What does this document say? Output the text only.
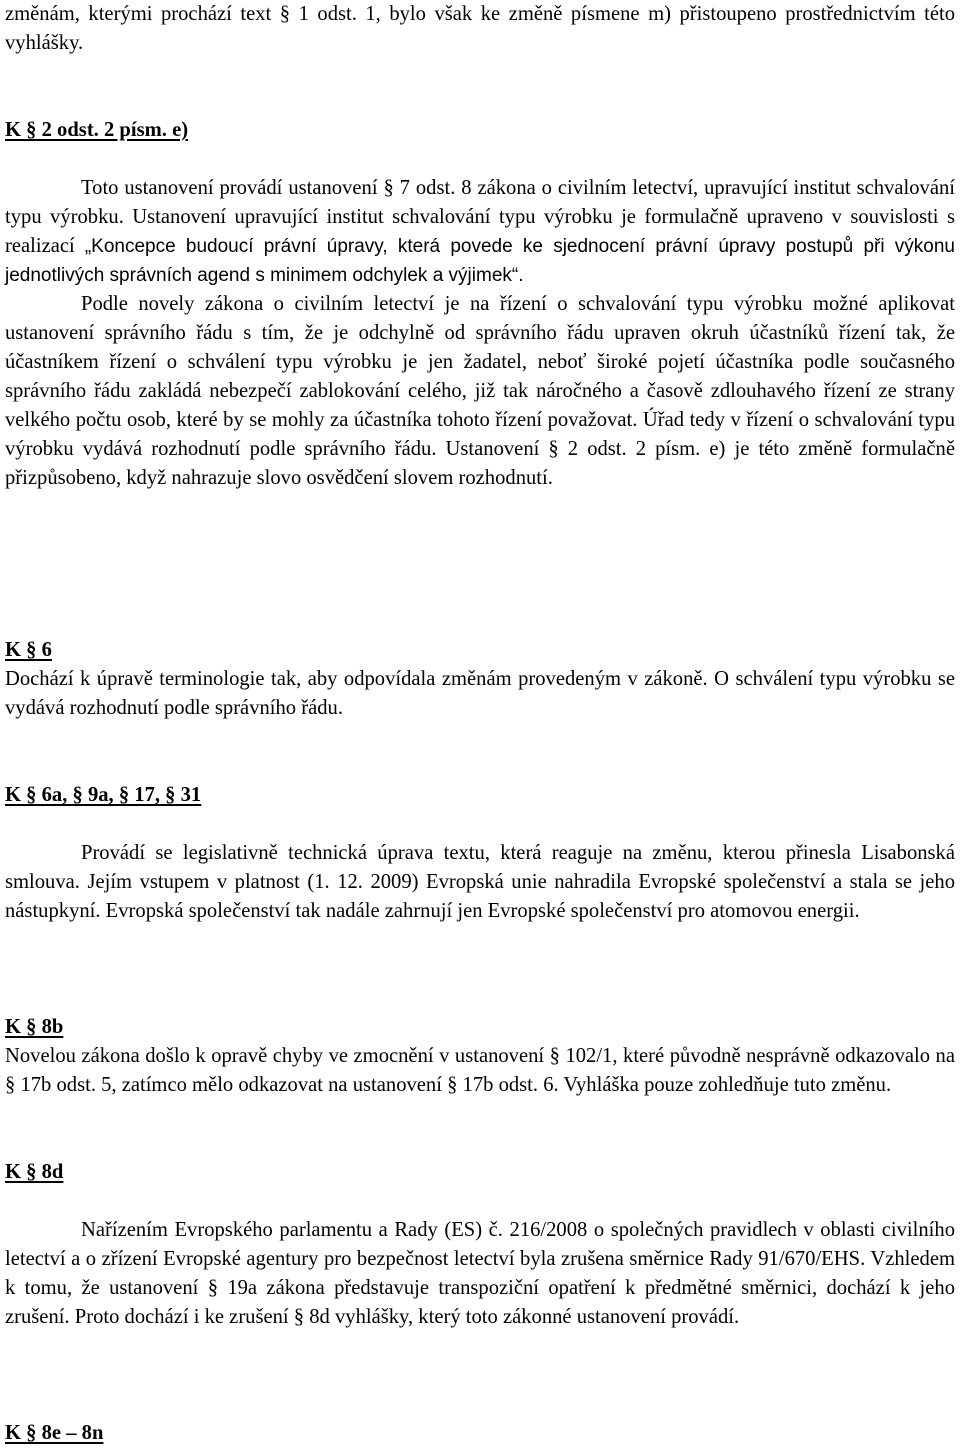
změnám, kterými prochází text § 1 odst. 1, bylo však ke změně písmene m) přistoupeno prostřednictvím této vyhlášky.

K § 2 odst. 2 písm. e)

Toto ustanovení provádí ustanovení § 7 odst. 8 zákona o civilním letectví, upravující institut schvalování typu výrobku. Ustanovení upravující institut schvalování typu výrobku je formulačně upraveno v souvislosti s realizací „Koncepce budoucí právní úpravy, která povede ke sjednocení právní úpravy postupů při výkonu jednotlivých správních agend s minimem odchylek a výjimek“.

Podle novely zákona o civilním letectví je na řízení o schvalování typu výrobku možné aplikovat ustanovení správního řádu s tím, že je odchylně od správního řádu upraven okruh účastníků řízení tak, že účastníkem řízení o schválení typu výrobku je jen žadatel, neboť široké pojetí účastníka podle současného správního řádu zakládá nebezpečí zablokování celého, již tak náročného a časově zdlouhavého řízení ze strany velkého počtu osob, které by se mohly za účastníka tohoto řízení považovat. Úřad tedy v řízení o schvalování typu výrobku vydává rozhodnutí podle správního řádu. Ustanovení § 2 odst. 2 písm. e) je této změně formulačně přizpůsobeno, když nahrazuje slovo osvědčení slovem rozhodnutí.

K § 6

Dochází k úpravě terminologie tak, aby odpovídala změnám provedeným v zákoně. O schválení typu výrobku se vydává rozhodnutí podle správního řádu.

K § 6a, § 9a, § 17, § 31

Provádí se legislativně technická úprava textu, která reaguje na změnu, kterou přinesla Lisabonská smlouva. Jejím vstupem v platnost (1. 12. 2009) Evropská unie nahradila Evropské společenství a stala se jeho nástupkyní. Evropská společenství tak nadále zahrnují jen Evropské společenství pro atomovou energii.

K § 8b

Novelou zákona došlo k opravě chyby ve zmocnění v ustanovení § 102/1, které původně nesprávně odkazovalo na § 17b odst. 5, zatímco mělo odkazovat na ustanovení § 17b odst. 6. Vyhláška pouze zohledňuje tuto změnu.

K § 8d

Nařízením Evropského parlamentu a Rady (ES) č. 216/2008 o společných pravidlech v oblasti civilního letectví a o zřízení Evropské agentury pro bezpečnost letectví byla zrušena směrnice Rady 91/670/EHS. Vzhledem k tomu, že ustanovení § 19a zákona představuje transpoziční opatření k předmětné směrnici, dochází k jeho zrušení. Proto dochází i ke zrušení § 8d vyhlášky, který toto zákonné ustanovení provádí.

K § 8e – 8n
